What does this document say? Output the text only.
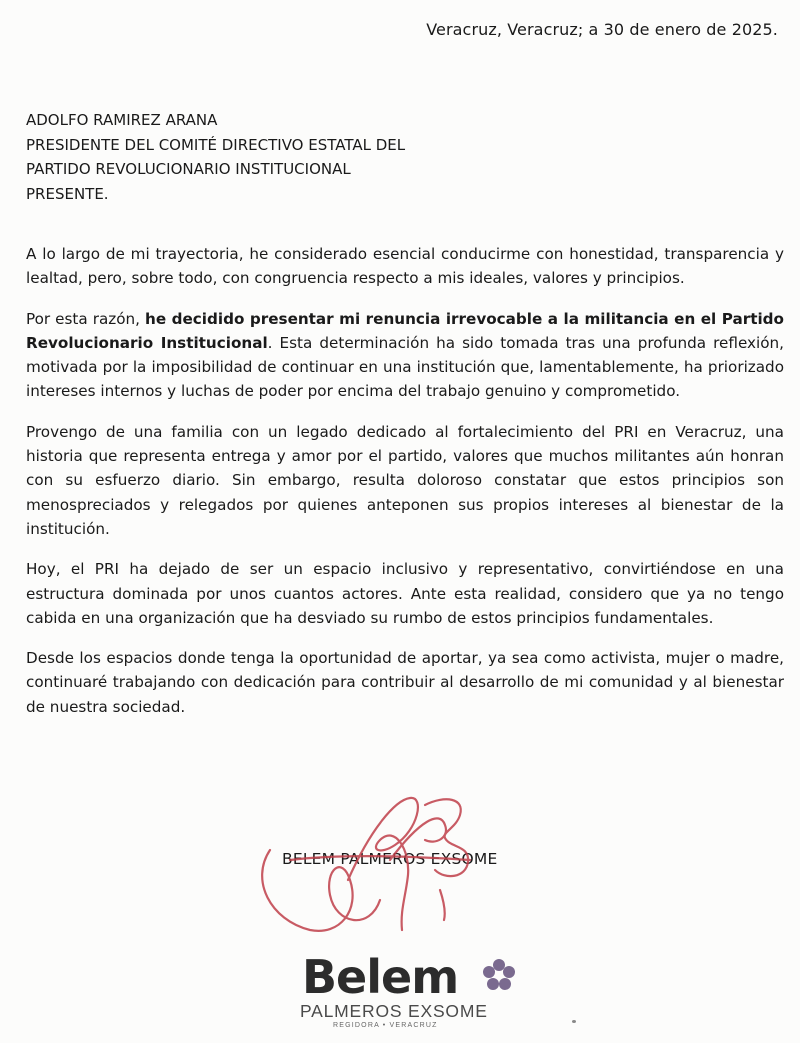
Veracruz, Veracruz; a 30 de enero de 2025.
ADOLFO RAMIREZ ARANA
PRESIDENTE DEL COMITÉ DIRECTIVO ESTATAL DEL
PARTIDO REVOLUCIONARIO INSTITUCIONAL
PRESENTE.

A lo largo de mi trayectoria, he considerado esencial conducirme con honestidad, transparencia y lealtad, pero, sobre todo, con congruencia respecto a mis ideales, valores y principios.

Por esta razón, he decidido presentar mi renuncia irrevocable a la militancia en el Partido Revolucionario Institucional. Esta determinación ha sido tomada tras una profunda reflexión, motivada por la imposibilidad de continuar en una institución que, lamentablemente, ha priorizado intereses internos y luchas de poder por encima del trabajo genuino y comprometido.

Provengo de una familia con un legado dedicado al fortalecimiento del PRI en Veracruz, una historia que representa entrega y amor por el partido, valores que muchos militantes aún honran con su esfuerzo diario. Sin embargo, resulta doloroso constatar que estos principios son menospreciados y relegados por quienes anteponen sus propios intereses al bienestar de la institución.

Hoy, el PRI ha dejado de ser un espacio inclusivo y representativo, convirtiéndose en una estructura dominada por unos cuantos actores. Ante esta realidad, considero que ya no tengo cabida en una organización que ha desviado su rumbo de estos principios fundamentales.

Desde los espacios donde tenga la oportunidad de aportar, ya sea como activista, mujer o madre, continuaré trabajando con dedicación para contribuir al desarrollo de mi comunidad y al bienestar de nuestra sociedad.

BELEM PALMEROS EXSOME
Belem
PALMEROS EXSOME
REGIDORA • VERACRUZ
